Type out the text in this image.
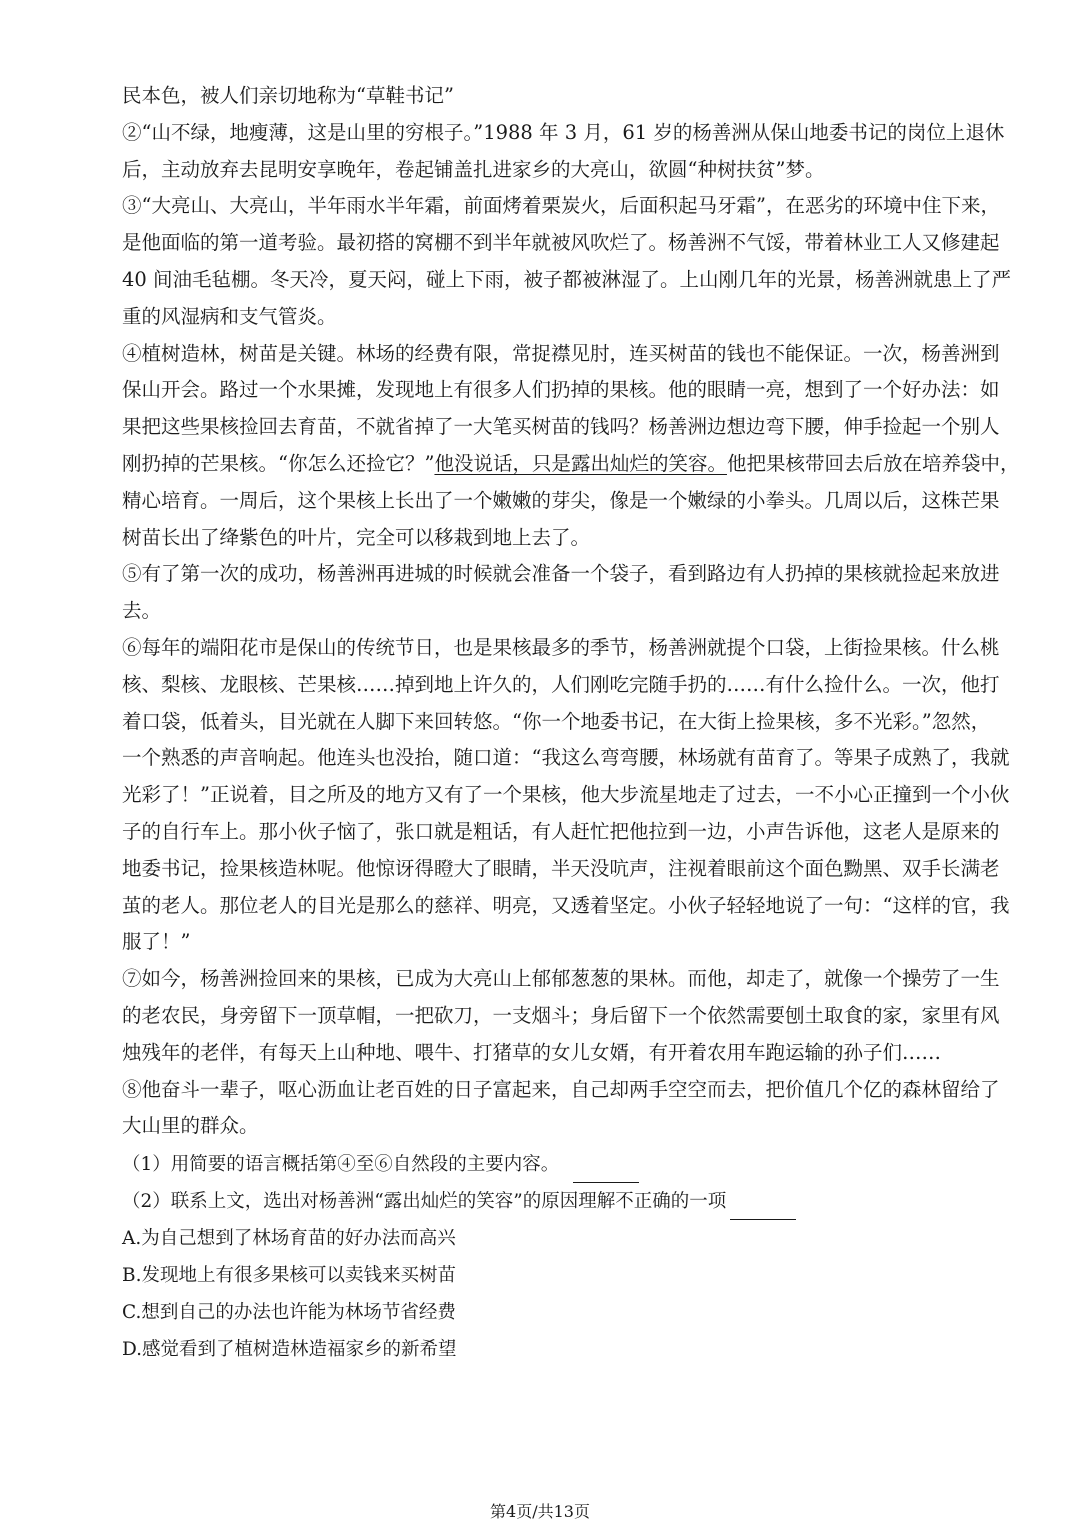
民本色，被人们亲切地称为“草鞋书记”

②“山不绿，地瘦薄，这是山里的穷根子。”1988 年 3 月，61 岁的杨善洲从保山地委书记的岗位上退休
后，主动放弃去昆明安享晚年，卷起铺盖扎进家乡的大亮山，欲圆“种树扶贫”梦。

③“大亮山、大亮山，半年雨水半年霜，前面烤着栗炭火，后面积起马牙霜”，在恶劣的环境中住下来，
是他面临的第一道考验。最初搭的窝棚不到半年就被风吹烂了。杨善洲不气馁，带着林业工人又修建起
40 间油毛毡棚。冬天冷，夏天闷，碰上下雨，被子都被淋湿了。上山刚几年的光景，杨善洲就患上了严
重的风湿病和支气管炎。

④植树造林，树苗是关键。林场的经费有限，常捉襟见肘，连买树苗的钱也不能保证。一次，杨善洲到
保山开会。路过一个水果摊，发现地上有很多人们扔掉的果核。他的眼睛一亮，想到了一个好办法：如
果把这些果核捡回去育苗，不就省掉了一大笔买树苗的钱吗？杨善洲边想边弯下腰，伸手捡起一个别人
刚扔掉的芒果核。“你怎么还捡它？”他没说话，只是露出灿烂的笑容。他把果核带回去后放在培养袋中，
精心培育。一周后，这个果核上长出了一个嫩嫩的芽尖，像是一个嫩绿的小拳头。几周以后，这株芒果
树苗长出了绛紫色的叶片，完全可以移栽到地上去了。

⑤有了第一次的成功，杨善洲再进城的时候就会准备一个袋子，看到路边有人扔掉的果核就捡起来放进
去。

⑥每年的端阳花市是保山的传统节日，也是果核最多的季节，杨善洲就提个口袋，上街捡果核。什么桃
核、梨核、龙眼核、芒果核……掉到地上许久的，人们刚吃完随手扔的……有什么捡什么。一次，他打
着口袋，低着头，目光就在人脚下来回转悠。“你一个地委书记，在大街上捡果核，多不光彩。”忽然，
一个熟悉的声音响起。他连头也没抬，随口道：“我这么弯弯腰，林场就有苗育了。等果子成熟了，我就
光彩了！”正说着，目之所及的地方又有了一个果核，他大步流星地走了过去，一不小心正撞到一个小伙
子的自行车上。那小伙子恼了，张口就是粗话，有人赶忙把他拉到一边，小声告诉他，这老人是原来的
地委书记，捡果核造林呢。他惊讶得瞪大了眼睛，半天没吭声，注视着眼前这个面色黝黑、双手长满老
茧的老人。那位老人的目光是那么的慈祥、明亮，又透着坚定。小伙子轻轻地说了一句：“这样的官，我
服了！”

⑦如今，杨善洲捡回来的果核，已成为大亮山上郁郁葱葱的果林。而他，却走了，就像一个操劳了一生
的老农民，身旁留下一顶草帽，一把砍刀，一支烟斗；身后留下一个依然需要刨土取食的家，家里有风
烛残年的老伴，有每天上山种地、喂牛、打猪草的女儿女婿，有开着农用车跑运输的孙子们……

⑧他奋斗一辈子，呕心沥血让老百姓的日子富起来，自己却两手空空而去，把价值几个亿的森林留给了
大山里的群众。

（1）用简要的语言概括第④至⑥自然段的主要内容。

（2）联系上文，选出对杨善洲“露出灿烂的笑容”的原因理解不正确的一项

A.为自己想到了林场育苗的好办法而高兴

B.发现地上有很多果核可以卖钱来买树苗

C.想到自己的办法也许能为林场节省经费

D.感觉看到了植树造林造福家乡的新希望

第4页/共13页
